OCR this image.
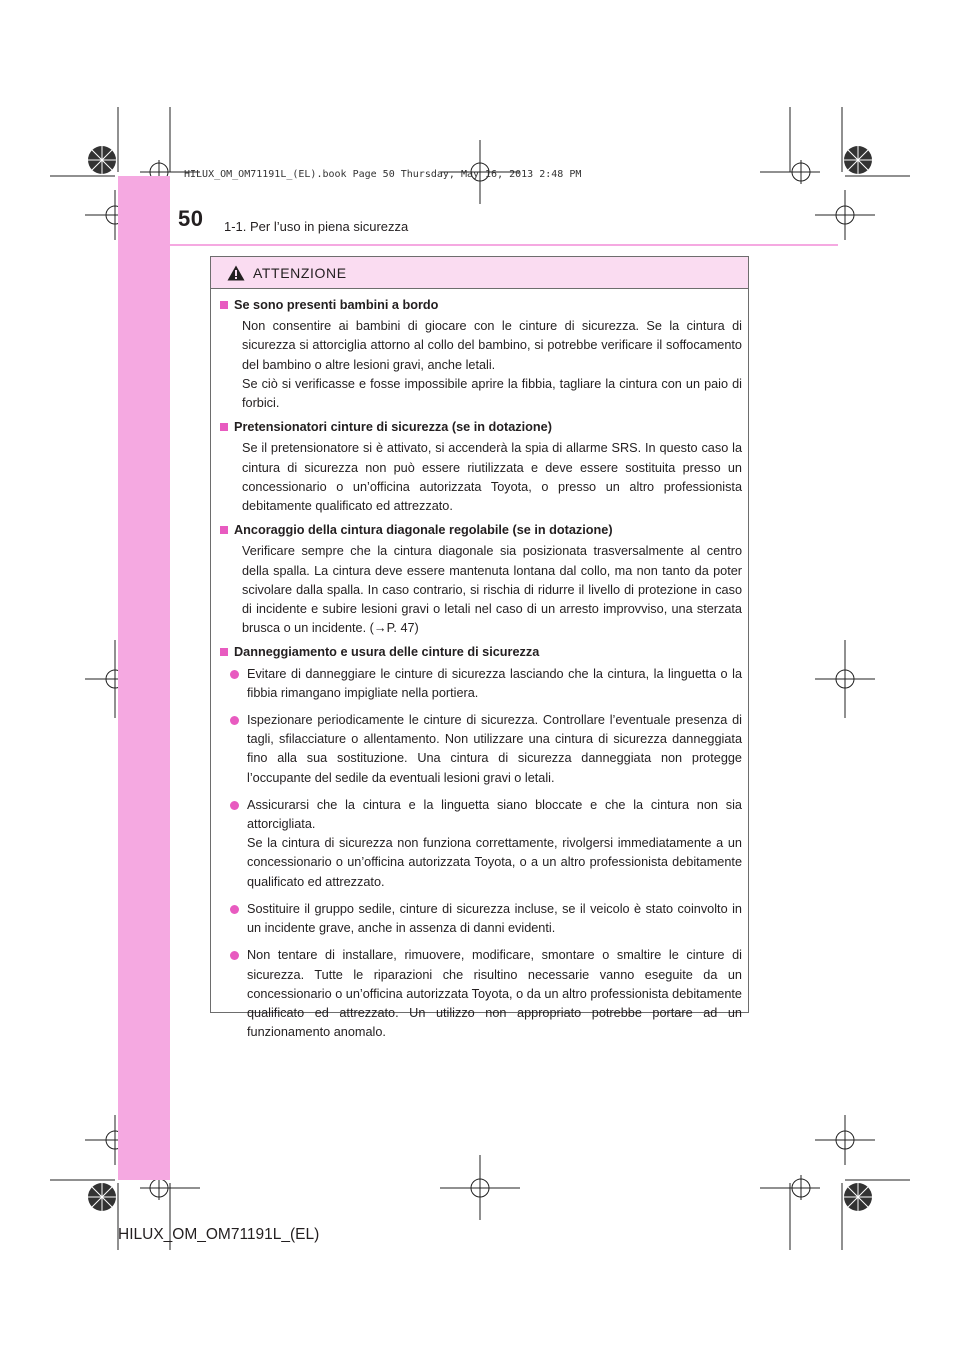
HILUX_OM_OM71191L_(EL).book Page 50 Thursday, May 16, 2013 2:48 PM
50 1-1. Per l’uso in piena sicurezza
ATTENZIONE
Se sono presenti bambini a bordo
Non consentire ai bambini di giocare con le cinture di sicurezza. Se la cintura di sicurezza si attorciglia attorno al collo del bambino, si potrebbe verificare il soffocamento del bambino o altre lesioni gravi, anche letali.
Se ciò si verificasse e fosse impossibile aprire la fibbia, tagliare la cintura con un paio di forbici.
Pretensionatori cinture di sicurezza (se in dotazione)
Se il pretensionatore si è attivato, si accenderà la spia di allarme SRS. In questo caso la cintura di sicurezza non può essere riutilizzata e deve essere sostituita presso un concessionario o un’officina autorizzata Toyota, o presso un altro professionista debitamente qualificato ed attrezzato.
Ancoraggio della cintura diagonale regolabile (se in dotazione)
Verificare sempre che la cintura diagonale sia posizionata trasversalmente al centro della spalla. La cintura deve essere mantenuta lontana dal collo, ma non tanto da poter scivolare dalla spalla. In caso contrario, si rischia di ridurre il livello di protezione in caso di incidente e subire lesioni gravi o letali nel caso di un arresto improvviso, una sterzata brusca o un incidente. (→P. 47)
Danneggiamento e usura delle cinture di sicurezza
Evitare di danneggiare le cinture di sicurezza lasciando che la cintura, la linguetta o la fibbia rimangano impigliate nella portiera.
Ispezionare periodicamente le cinture di sicurezza. Controllare l’eventuale presenza di tagli, sfilacciature o allentamento. Non utilizzare una cintura di sicurezza danneggiata fino alla sua sostituzione. Una cintura di sicurezza danneggiata non protegge l’occupante del sedile da eventuali lesioni gravi o letali.
Assicurarsi che la cintura e la linguetta siano bloccate e che la cintura non sia attorcigliata.
Se la cintura di sicurezza non funziona correttamente, rivolgersi immediatamente a un concessionario o un’officina autorizzata Toyota, o a un altro professionista debitamente qualificato ed attrezzato.
Sostituire il gruppo sedile, cinture di sicurezza incluse, se il veicolo è stato coinvolto in un incidente grave, anche in assenza di danni evidenti.
Non tentare di installare, rimuovere, modificare, smontare o smaltire le cinture di sicurezza. Tutte le riparazioni che risultino necessarie vanno eseguite da un concessionario o un’officina autorizzata Toyota, o da un altro professionista debitamente qualificato ed attrezzato. Un utilizzo non appropriato potrebbe portare ad un funzionamento anomalo.
HILUX_OM_OM71191L_(EL)
